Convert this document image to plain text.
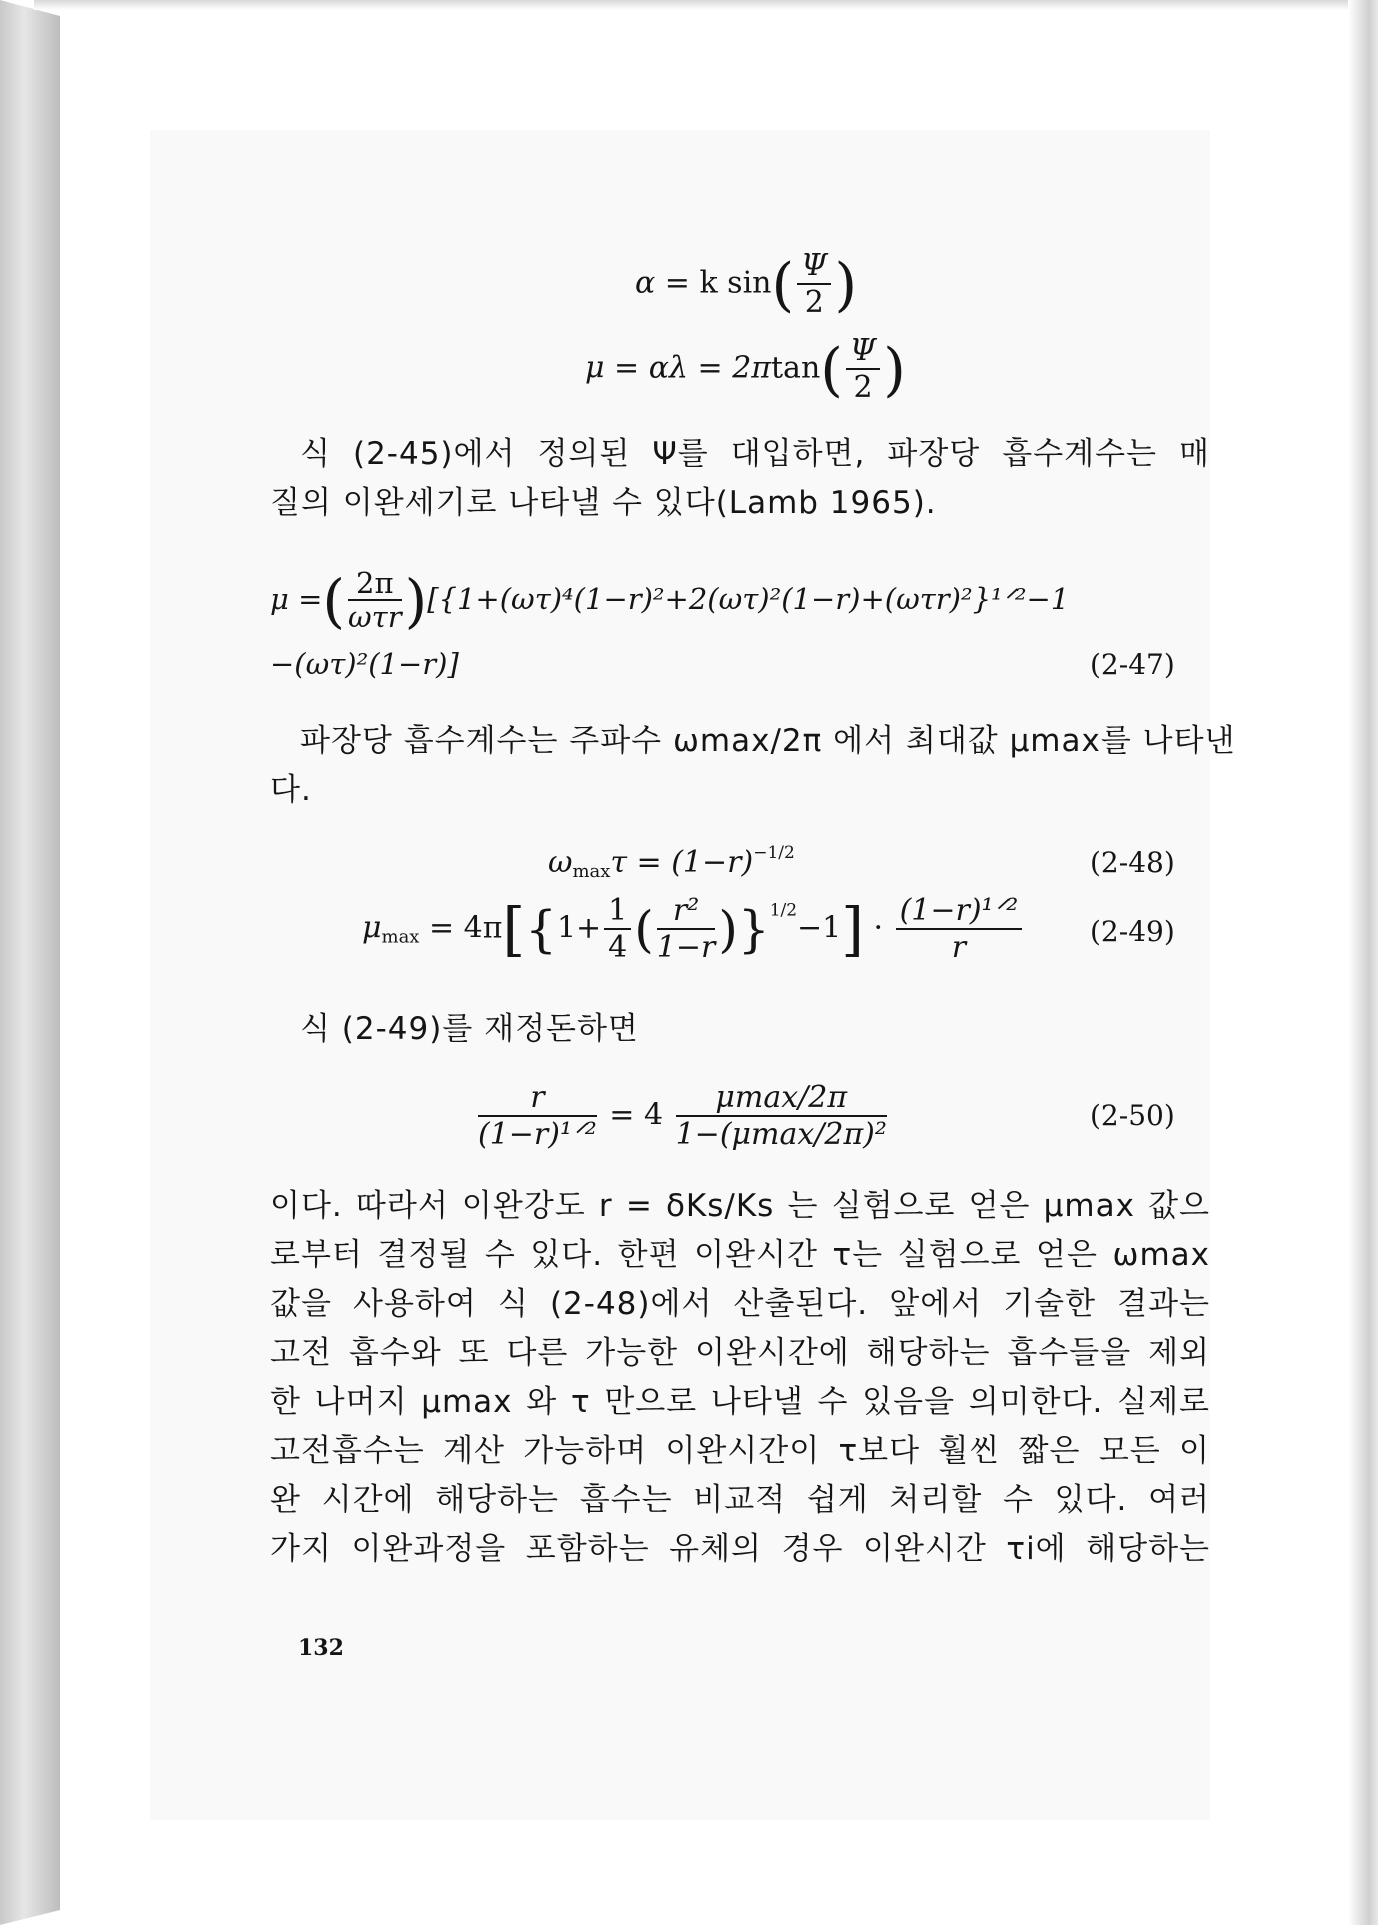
α = k $\sin( \frac{\Psi}{2}$ )
$\mu = \alpha\lambda = 2\pi\tan( \frac{\Psi}{2}$ )
식 (2-45)에서 정의된 Ψ를 대입하면, 파장당 흡수계수는 매
질의 이완세기로 나타낼 수 있다(Lamb 1965).
μ =( $\frac{2\pi}{\text{ωτr}}$ )[{1+(ωτ)⁴(1−r)²+2(ωτ)²(1−r)+(ωτr)²}¹ᐟ²−1
−(ωτ)²(1−r)]	(2-47)
파장당 흡수계수는 주파수 ωmax/2π 에서 최대값 μmax를 나타낸
다.
$\omega_{max}\tau = (1-r)^{-1/2}$	(2-48)
$\mu_{max} = 4\pi[\{1+ \frac{1}{4}$ ( $\frac{\text{r²}}{1-r} )\}^{1/2}-1] \cdot \frac{\text{(1−r)¹ᐟ²}}{r} (2-49)$
식 (2-49)를 재정돈하면
$\frac{r}{\text{(1−r)¹ᐟ²}} = 4 \frac{\mu\max/2\pi}{\text{1−(μmax/2π)²}}$	(2-50)
이다. 따라서 이완강도 r = δKs/Ks 는 실험으로 얻은 μmax 값으
로부터 결정될 수 있다. 한편 이완시간 τ는 실험으로 얻은 ωmax
값을 사용하여 식 (2-48)에서 산출된다. 앞에서 기술한 결과는
고전 흡수와 또 다른 가능한 이완시간에 해당하는 흡수들을 제외
한 나머지 μmax 와 τ 만으로 나타낼 수 있음을 의미한다. 실제로
고전흡수는 계산 가능하며 이완시간이 τ보다 훨씬 짧은 모든 이
완 시간에 해당하는 흡수는 비교적 쉽게 처리할 수 있다. 여러
가지 이완과정을 포함하는 유체의 경우 이완시간 τi에 해당하는
132
